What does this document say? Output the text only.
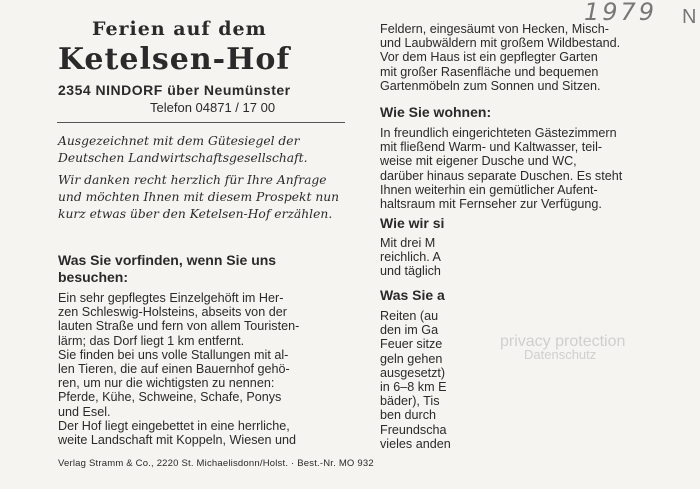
Ferien auf dem
Ketelsen-Hof
2354 NINDORF über Neumünster
Telefon 04871 / 17 00
Ausgezeichnet mit dem Gütesiegel der Deutschen Landwirtschaftsgesellschaft.
Wir danken recht herzlich für Ihre Anfrage und möchten Ihnen mit diesem Prospekt nun kurz etwas über den Ketelsen-Hof erzählen.
Was Sie vorfinden, wenn Sie uns
besuchen:
Ein sehr gepflegtes Einzelgehöft im Her-
zen Schleswig-Holsteins, abseits von der
lauten Straße und fern von allem Touristen-
lärm; das Dorf liegt 1 km entfernt.
Sie finden bei uns volle Stallungen mit al-
len Tieren, die auf einen Bauernhof gehö-
ren, um nur die wichtigsten zu nennen:
Pferde, Kühe, Schweine, Schafe, Ponys
und Esel.
Der Hof liegt eingebettet in eine herrliche,
weite Landschaft mit Koppeln, Wiesen und
Feldern, eingesäumt von Hecken, Misch-
und Laubwäldern mit großem Wildbestand.
Vor dem Haus ist ein gepflegter Garten
mit großer Rasenfläche und bequemen
Gartenmöbeln zum Sonnen und Sitzen.
Wie Sie wohnen:
In freundlich eingerichteten Gästezimmern
mit fließend Warm- und Kaltwasser, teil-
weise mit eigener Dusche und WC,
darüber hinaus separate Duschen. Es steht
Ihnen weiterhin ein gemütlicher Aufent-
haltsraum mit Fernseher zur Verfügung.
Wie wir si
Mit drei M
reichlich. A
und täglich
Was Sie a
Reiten (au
den im Ga
Feuer sitze
geln gehen
ausgesetzt)
in 6–8 km E
bäder), Tis
ben durch
Freundscha
vieles anden
Verlag Stramm & Co., 2220 St. Michaelisdonn/Holst. · Best.-Nr. MO 932
1979 N
privacy protection
Datenschutz
